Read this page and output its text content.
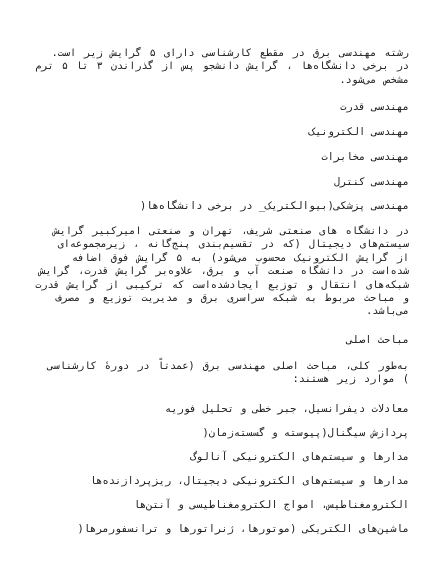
رشته مهندسی برق در مقطع کارشناسی دارای ۵ گرایش زیر است.
در برخی دانشگاه‌ها ، گرایش دانشجو پس از گذراندن ۳ تا ۵ ترم
مشخص می‌شود.
مهندسی قدرت
مهندسی الکترونیک
مهندسی مخابرات
مهندسی کنترل
مهندسی پزشکی(بیوالکتریک_ در برخی دانشگاه‌ها(
در دانشگاه های صنعتی شریف، تهران و صنعتی امیرکبیر گرایش
سیستم‌های دیجیتال (که در تقسیم‌بندی پنج‌گانه ، زیرمجموعه‌ای
از گرایش الکترونیک محسوب می‌شود) به ۵ گرایش فوق اضافه
شده‌است در دانشگاه صنعت آب و برق، علاوه‌بر گرایش قدرت، گرایش
شبکه‌های انتقال و توزیع ایجادشده‌است که ترکیبی از گرایش قدرت
و مباحث مربوط به شبکه سراسری برق و مدیریت توزیع و مصرف
می‌باشد.
مباحث اصلی
به‌طور کلی، مباحث اصلی مهندسی برق (عمدتاً در دورهٔ کارشناسی
) موارد زیر هستند:
معادلات دیفرانسیل، جبر خطی و تحلیل فوریه
پردازش سیگنال(پیوسته و گسسته‌زمان(
مدارها و سیستم‌های الکترونیکی آنالوگ
مدارها و سیستم‌های الکترونیکی دیجیتال، ریزپردازنده‌ها
الکترومغناطیس، امواج الکترومغناطیسی و آنتن‌ها
ماشین‌های الکتریکی (موتورها، ژنراتورها و ترانسفورمرها(
